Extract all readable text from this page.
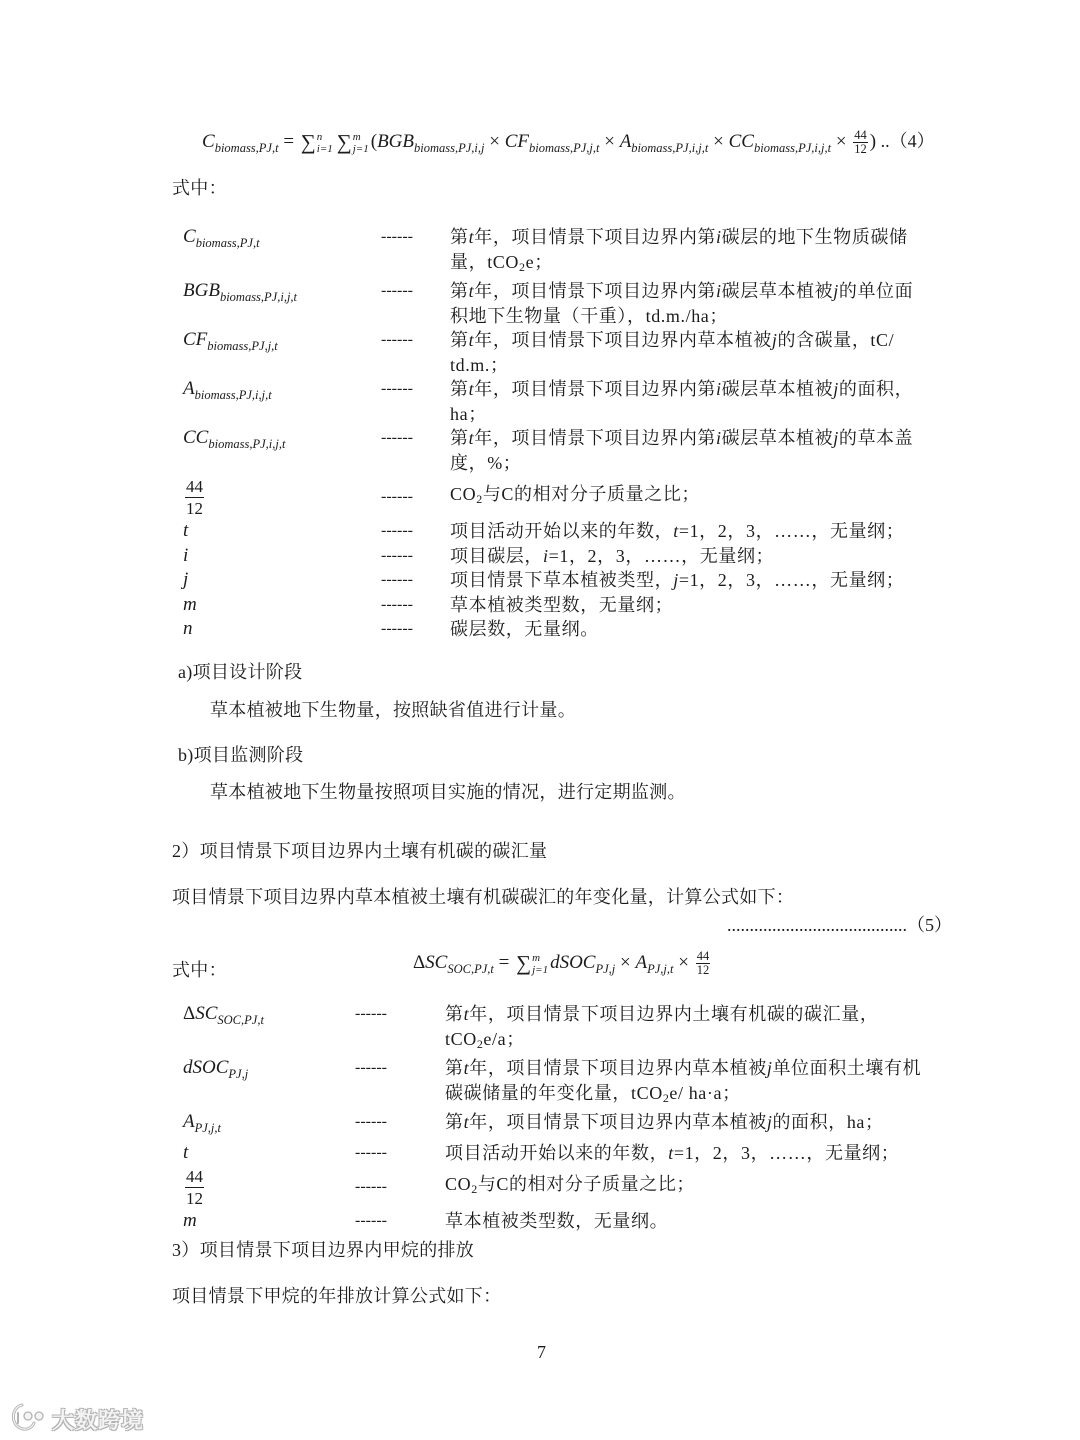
$C_{biomass,PJ,t}$ = ∑ n
i=1 ∑ m
j=1 ($BGB_{biomass,PJ,i,j} \times CF_{biomass,PJ,j,t} \times A_{biomass,PJ,i,j,t} \times CC_{biomass,PJ,i,j,t} \times \frac{44}{12}$ ) ..（4）

式中：
$C_{biomass,PJ,t}$	------	第t年，项目情景下项目边界内第i碳层的地下生物质碳储
量，tCO$_2$e；
$BGB_{biomass,PJ,i,j,t}$	------	第t年，项目情景下项目边界内第i碳层草本植被j的单位面
积地下生物量（干重），td.m./ha；
$CF_{biomass,PJ,j,t}$	------	第t年，项目情景下项目边界内草本植被j的含碳量，tC/
td.m.；
$A_{biomass,PJ,i,j,t}$	------	第t年，项目情景下项目边界内第i碳层草本植被j的面积，
ha；
$CC_{biomass,PJ,i,j,t}$	------	第t年，项目情景下项目边界内第i碳层草本植被j的草本盖
度，%；
$\frac{44}{12}$	------	$CO_2$与C的相对分子质量之比；
t	------	项目活动开始以来的年数，t=1，2，3，……，无量纲；
i	------	项目碳层，i=1，2，3，……，无量纲；
j	------	项目情景下草本植被类型，j=1，2，3，……，无量纲；
m	------	草本植被类型数，无量纲；
n	------	碳层数，无量纲。
a)项目设计阶段
草本植被地下生物量，按照缺省值进行计量。
b)项目监测阶段
草本植被地下生物量按照项目实施的情况，进行定期监测。
2）项目情景下项目边界内土壤有机碳的碳汇量
项目情景下项目边界内草本植被土壤有机碳碳汇的年变化量，计算公式如下：

$\Delta SC_{SOC,PJ,t}$ = ∑ m
j=1 dSOC$_{PJ,j}$ × $A_{PJ,j,t} \times \frac{44}{12}$

........................................（5）
式中：
$\Delta SC_{SOC,PJ,t}$	------	第t年，项目情景下项目边界内土壤有机碳的碳汇量，
tCO$_2$e/a；
dSOC$_{PJ,j}$	------	第t年，项目情景下项目边界内草本植被j单位面积土壤有机
碳碳储量的年变化量，tCO$_2$e/ ha·a；
$A_{PJ,j,t}$	------	第t年，项目情景下项目边界内草本植被j的面积，ha；
t	------	项目活动开始以来的年数，t=1，2，3，……，无量纲；
$\frac{44}{12}$	------	$CO_2$与C的相对分子质量之比；
m	------	草本植被类型数，无量纲。
3）项目情景下项目边界内甲烷的排放
项目情景下甲烷的年排放计算公式如下：
7
大数跨境
